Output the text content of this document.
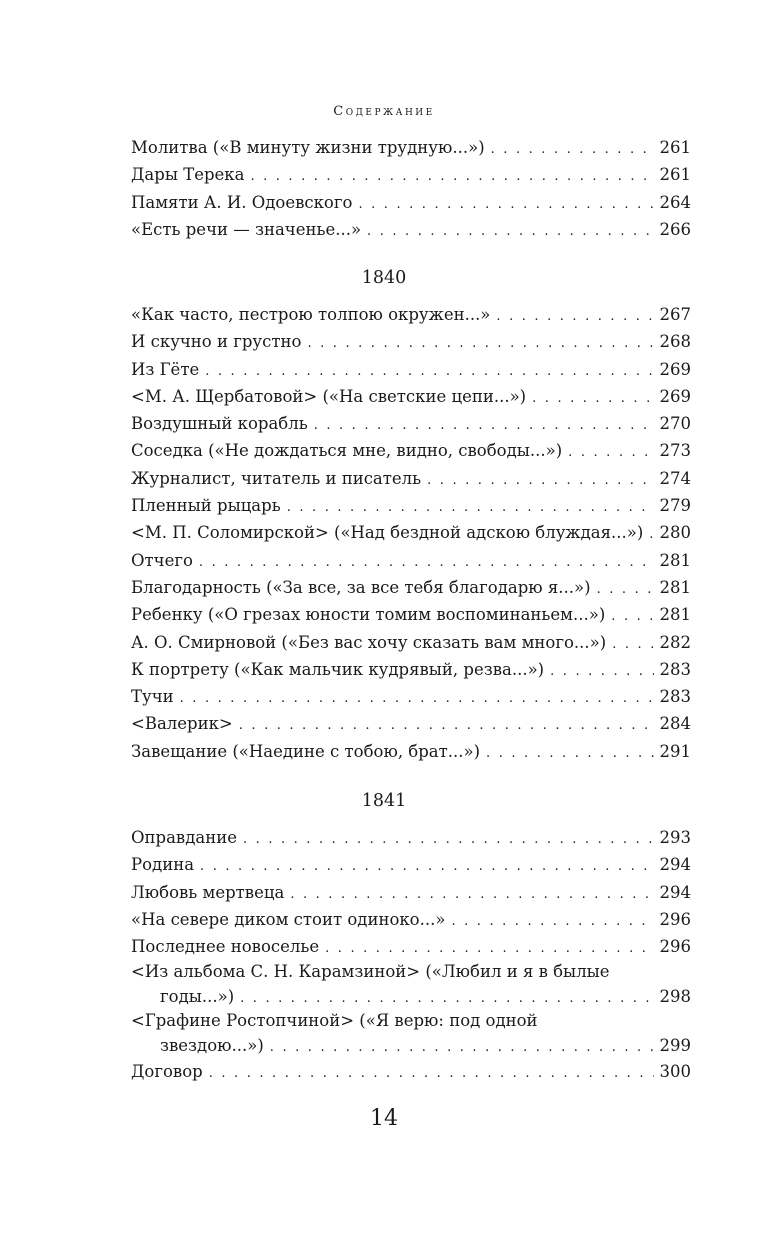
Содержание
Молитва («В минуту жизни трудную...») . . .	261
Дары Терека . . .	261
Памяти А. И. Одоевского . . .	264
«Есть речи — значенье...» . . .	266
1840
«Как часто, пестрою толпою окружен...» . . .	267
И скучно и грустно . . .	268
Из Гёте . . .	269
<М. А. Щербатовой> («На светские цепи...») . . .	269
Воздушный корабль . . .	270
Соседка («Не дождаться мне, видно, свободы...») . . .	273
Журналист, читатель и писатель . . .	274
Пленный рыцарь . . .	279
<М. П. Соломирской> («Над бездной адскою блуждая...») . . . 280
Отчего . . .	281
Благодарность («За все, за все тебя благодарю я...») . . .	281
Ребенку («О грезах юности томим воспоминаньем...») . . .	281
А. О. Смирновой («Без вас хочу сказать вам много...») . . .	282
К портрету («Как мальчик кудрявый, резва...») . . .	283
Тучи . . .	283
<Валерик> . . .	284
Завещание («Наедине с тобою, брат...») . . .	291
1841
Оправдание . . .	293
Родина . . .	294
Любовь мертвеца . . .	294
«На севере диком стоит одиноко...» . . .	296
Последнее новоселье . . .	296
<Из альбома С. Н. Карамзиной> («Любил и я в былые
годы...») . . .	298
<Графине Ростопчиной> («Я верю: под одной
звездою...») . . .	299
Договор . . .	300
14
